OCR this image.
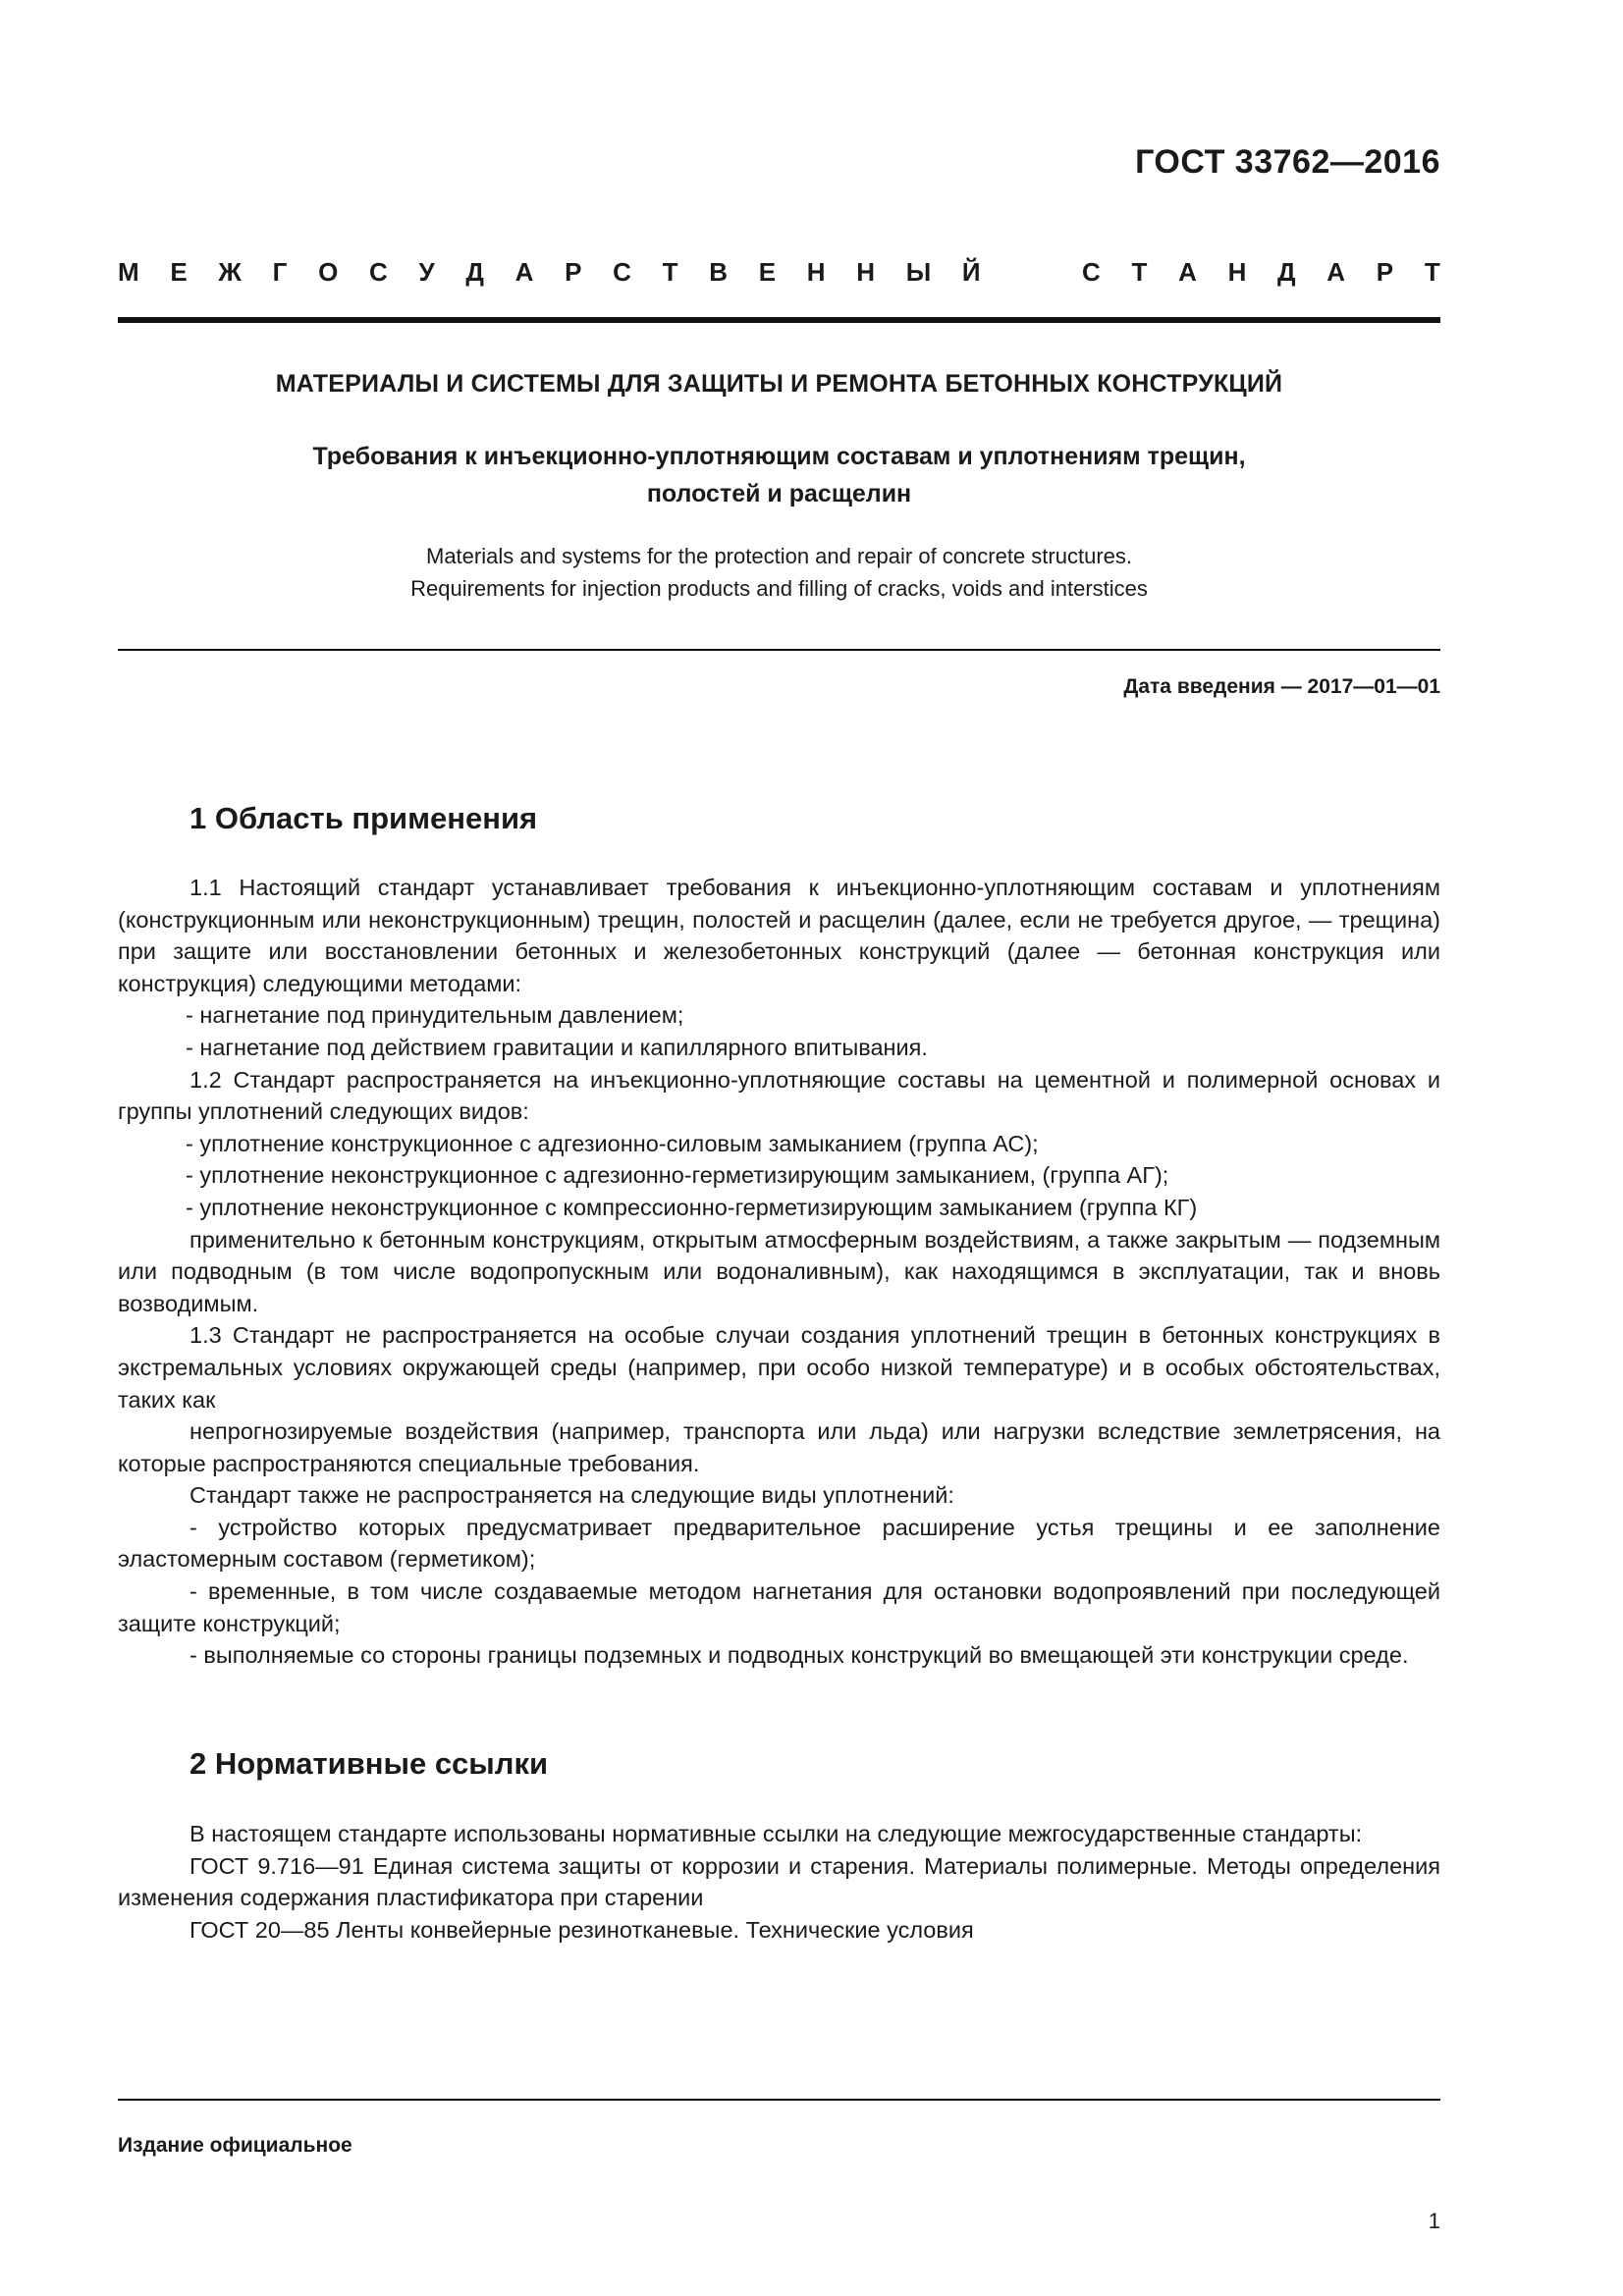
ГОСТ 33762—2016
М Е Ж Г О С У Д А Р С Т В Е Н Н Ы Й	С Т А Н Д А Р Т
МАТЕРИАЛЫ И СИСТЕМЫ ДЛЯ ЗАЩИТЫ И РЕМОНТА БЕТОННЫХ КОНСТРУКЦИЙ
Требования к инъекционно-уплотняющим составам и уплотнениям трещин,
полостей и расщелин
Materials and systems for the protection and repair of concrete structures.
Requirements for injection products and filling of cracks, voids and interstices
Дата введения — 2017—01—01
1 Область применения

1.1 Настоящий стандарт устанавливает требования к инъекционно-уплотняющим составам и уплотнениям (конструкционным или неконструкционным) трещин, полостей и расщелин (далее, если не требуется другое, — трещина) при защите или восстановлении бетонных и железобетонных конструкций (далее — бетонная конструкция или конструкция) следующими методами:

- нагнетание под принудительным давлением;

- нагнетание под действием гравитации и капиллярного впитывания.

1.2 Стандарт распространяется на инъекционно-уплотняющие составы на цементной и полимерной основах и группы уплотнений следующих видов:

- уплотнение конструкционное с адгезионно-силовым замыканием (группа АС);

- уплотнение неконструкционное с адгезионно-герметизирующим замыканием, (группа АГ);

- уплотнение неконструкционное с компрессионно-герметизирующим замыканием (группа КГ)

применительно к бетонным конструкциям, открытым атмосферным воздействиям, а также закрытым — подземным или подводным (в том числе водопропускным или водоналивным), как находящимся в эксплуатации, так и вновь возводимым.

1.3 Стандарт не распространяется на особые случаи создания уплотнений трещин в бетонных конструкциях в экстремальных условиях окружающей среды (например, при особо низкой температуре) и в особых обстоятельствах, таких как

непрогнозируемые воздействия (например, транспорта или льда) или нагрузки вследствие землетрясения, на которые распространяются специальные требования.

Стандарт также не распространяется на следующие виды уплотнений:

- устройство которых предусматривает предварительное расширение устья трещины и ее заполнение эластомерным составом (герметиком);

- временные, в том числе создаваемые методом нагнетания для остановки водопроявлений при последующей защите конструкций;

- выполняемые со стороны границы подземных и подводных конструкций во вмещающей эти конструкции среде.

2 Нормативные ссылки

В настоящем стандарте использованы нормативные ссылки на следующие межгосударственные стандарты:

ГОСТ 9.716—91 Единая система защиты от коррозии и старения. Материалы полимерные. Методы определения изменения содержания пластификатора при старении

ГОСТ 20—85 Ленты конвейерные резинотканевые. Технические условия

Издание официальное
1
